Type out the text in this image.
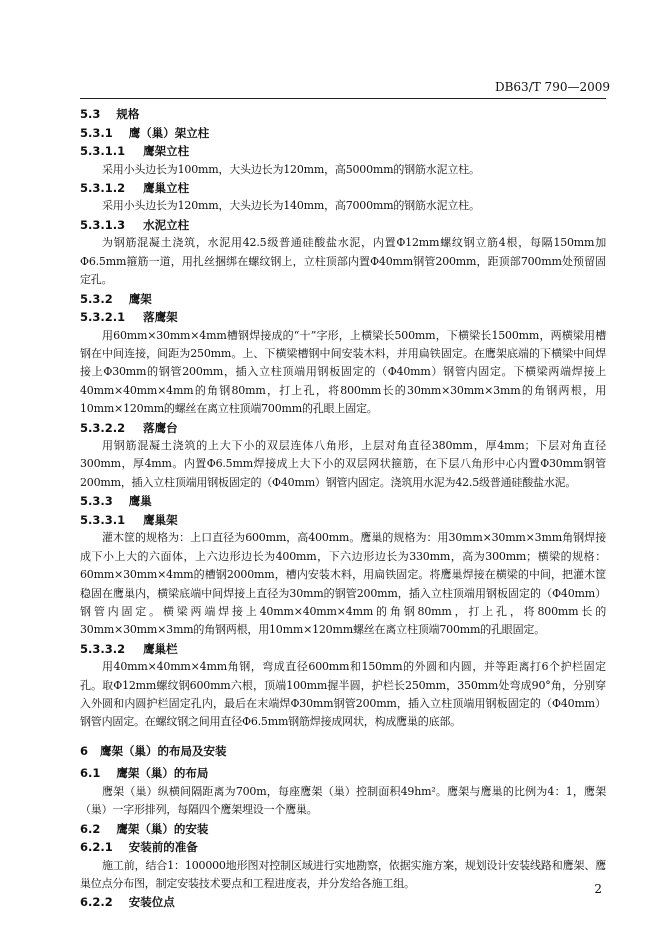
DB63/T 790—2009
5.3 规格
5.3.1 鹰（巢）架立柱
5.3.1.1 鹰架立柱
采用小头边长为100mm，大头边长为120mm，高5000mm的钢筋水泥立柱。
5.3.1.2 鹰巢立柱
采用小头边长为120mm，大头边长为140mm，高7000mm的钢筋水泥立柱。
5.3.1.3 水泥立柱
为钢筋混凝土浇筑，水泥用42.5级普通硅酸盐水泥，内置Φ12mm螺纹钢立筋4根，每隔150mm加Φ6.5mm箍筋一道，用扎丝捆绑在螺纹钢上，立柱顶部内置Φ40mm钢管200mm，距顶部700mm处预留固定孔。
5.3.2 鹰架
5.3.2.1 落鹰架
用60mm×30mm×4mm槽钢焊接成的“十”字形，上横梁长500mm，下横梁长1500mm，两横梁用槽钢在中间连接，间距为250mm。上、下横梁槽钢中间安装木料，并用扁铁固定。在鹰架底端的下横梁中间焊接上Φ30mm的钢管200mm，插入立柱顶端用钢板固定的（Φ40mm）钢管内固定。下横梁两端焊接上40mm×40mm×4mm的角钢80mm，打上孔，将800mm长的30mm×30mm×3mm的角钢两根，用10mm×120mm的螺丝在离立柱顶端700mm的孔眼上固定。
5.3.2.2 落鹰台
用钢筋混凝土浇筑的上大下小的双层连体八角形，上层对角直径380mm，厚4mm；下层对角直径300mm，厚4mm。内置Φ6.5mm焊接成上大下小的双层网状箍筋，在下层八角形中心内置Φ30mm钢管200mm，插入立柱顶端用钢板固定的（Φ40mm）钢管内固定。浇筑用水泥为42.5级普通硅酸盐水泥。
5.3.3 鹰巢
5.3.3.1 鹰巢架
灌木筐的规格为：上口直径为600mm，高400mm。鹰巢的规格为：用30mm×30mm×3mm角钢焊接成下小上大的六面体，上六边形边长为400mm，下六边形边长为330mm，高为300mm；横梁的规格：60mm×30mm×4mm的槽钢2000mm，槽内安装木料，用扁铁固定。将鹰巢焊接在横梁的中间，把灌木筐稳固在鹰巢内，横梁底端中间焊接上直径为30mm的钢管200mm，插入立柱顶端用钢板固定的（Φ40mm）钢管内固定。横梁两端焊接上40mm×40mm×4mm的角钢80mm，打上孔，将800mm长的30mm×30mm×3mm的角钢两根，用10mm×120mm螺丝在离立柱顶端700mm的孔眼固定。
5.3.3.2 鹰巢栏
用40mm×40mm×4mm角钢，弯成直径600mm和150mm的外圆和内圆，并等距离打6个护栏固定孔。取Φ12mm螺纹钢600mm六根，顶端100mm握半圆，护栏长250mm，350mm处弯成90°角，分别穿入外圆和内圆护栏固定孔内，最后在末端焊Φ30mm钢管200mm，插入立柱顶端用钢板固定的（Φ40mm）钢管内固定。在螺纹钢之间用直径Φ6.5mm钢筋焊接成网状，构成鹰巢的底部。
6 鹰架（巢）的布局及安装
6.1 鹰架（巢）的布局
鹰架（巢）纵横间隔距离为700m，每座鹰架（巢）控制面积49hm²。鹰架与鹰巢的比例为4：1，鹰架（巢）一字形排列，每隔四个鹰架埋设一个鹰巢。
6.2 鹰架（巢）的安装
6.2.1 安装前的准备
施工前，结合1：100000地形图对控制区域进行实地勘察，依据实施方案，规划设计安装线路和鹰架、鹰巢位点分布图，制定安装技术要点和工程进度表，并分发给各施工组。
6.2.2 安装位点
2
